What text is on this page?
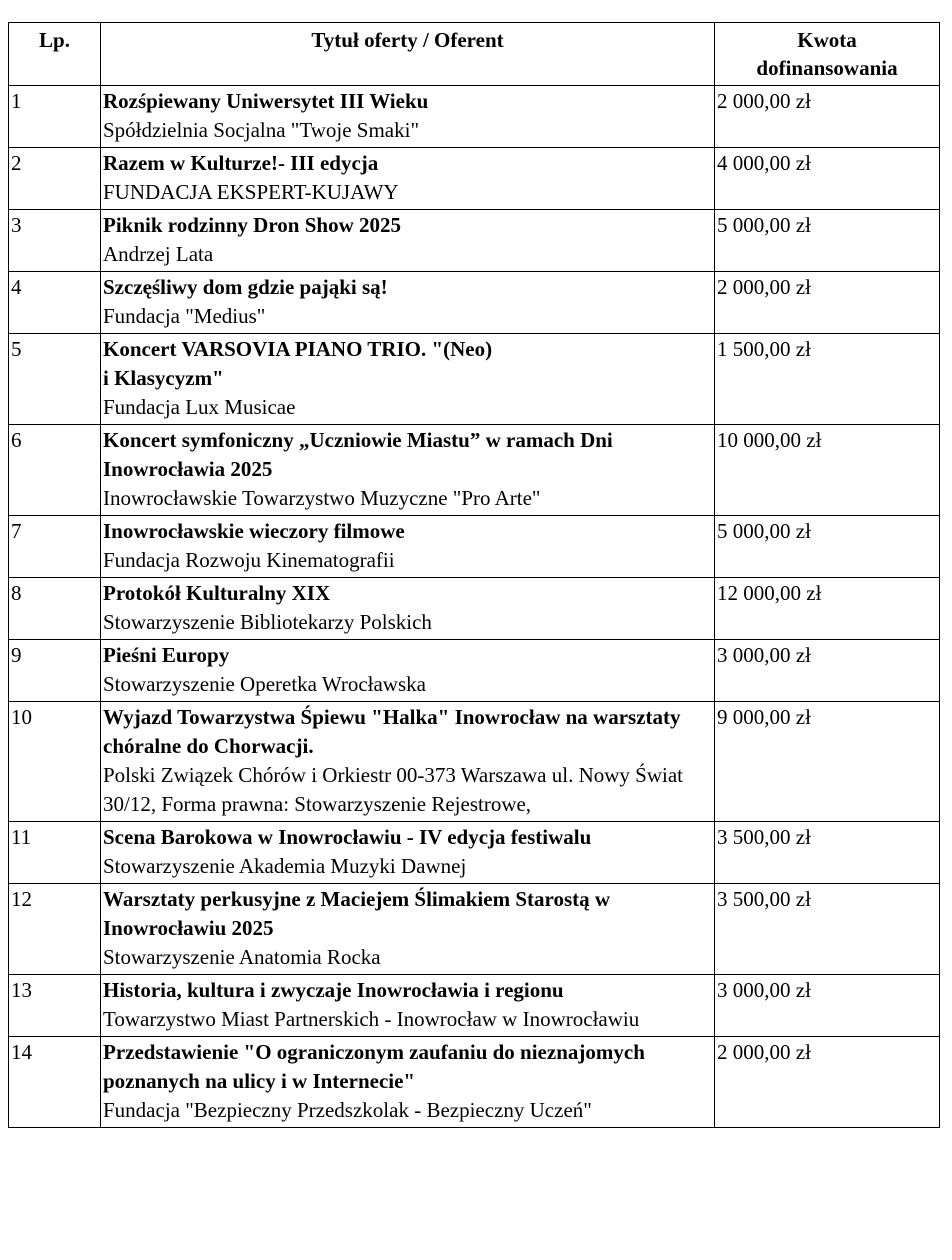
Lp.	Tytuł oferty / Oferent	Kwota
dofinansowania

1	Rozśpiewany Uniwersytet III Wieku
Spółdzielnia Socjalna "Twoje Smaki"	2 000,00 zł
2	Razem w Kulturze!- III edycja
FUNDACJA EKSPERT-KUJAWY	4 000,00 zł
3	Piknik rodzinny Dron Show 2025
Andrzej Lata	5 000,00 zł
4	Szczęśliwy dom gdzie pająki są!
Fundacja "Medius"	2 000,00 zł
5	Koncert VARSOVIA PIANO TRIO. "(Neo)
i Klasycyzm"
Fundacja Lux Musicae	1 500,00 zł
6	Koncert symfoniczny „Uczniowie Miastu” w ramach Dni Inowrocławia 2025
Inowrocławskie Towarzystwo Muzyczne "Pro Arte"	10 000,00 zł
7	Inowrocławskie wieczory filmowe
Fundacja Rozwoju Kinematografii	5 000,00 zł
8	Protokół Kulturalny XIX
Stowarzyszenie Bibliotekarzy Polskich	12 000,00 zł
9	Pieśni Europy
Stowarzyszenie Operetka Wrocławska	3 000,00 zł
10	Wyjazd Towarzystwa Śpiewu "Halka" Inowrocław na warsztaty chóralne do Chorwacji.
Polski Związek Chórów i Orkiestr 00-373 Warszawa ul. Nowy Świat 30/12, Forma prawna: Stowarzyszenie Rejestrowe,	9 000,00 zł
11	Scena Barokowa w Inowrocławiu - IV edycja festiwalu
Stowarzyszenie Akademia Muzyki Dawnej	3 500,00 zł
12	Warsztaty perkusyjne z Maciejem Ślimakiem Starostą w Inowrocławiu 2025
Stowarzyszenie Anatomia Rocka	3 500,00 zł
13	Historia, kultura i zwyczaje Inowrocławia i regionu
Towarzystwo Miast Partnerskich - Inowrocław w Inowrocławiu	3 000,00 zł
14	Przedstawienie "O ograniczonym zaufaniu do nieznajomych poznanych na ulicy i w Internecie"
Fundacja "Bezpieczny Przedszkolak - Bezpieczny Uczeń"	2 000,00 zł
